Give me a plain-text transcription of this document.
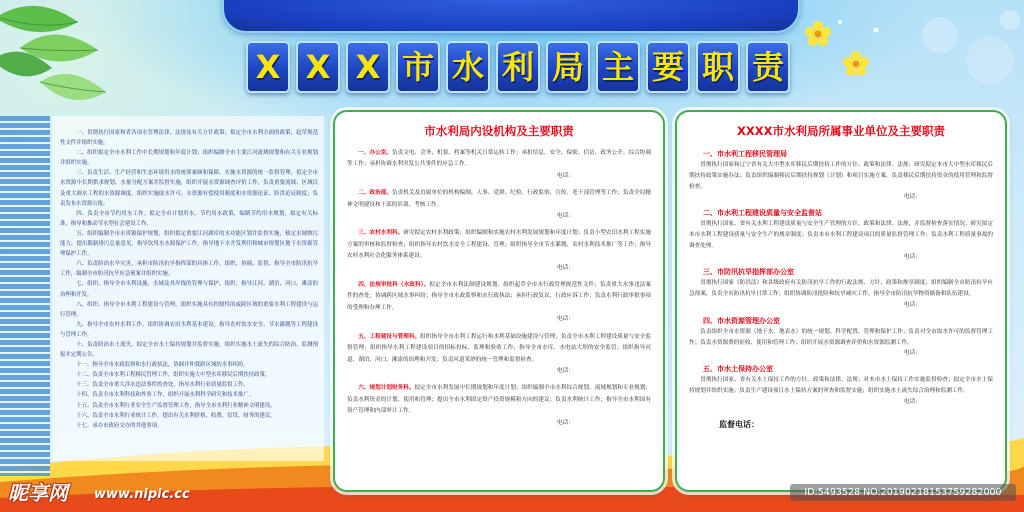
X X X 市 水 利 局 主 要 职 责

一、贯彻执行国家和省各项水管理法律、法规及有关方针政策；拟定全市水利方面的政策，起草规范性文件并组织实施。

二、组织拟定全市水利工作中长期规划和年度计划；组织编制全市主要江河流域规划和有关专业规划并组织实施。

三、负责生活、生产经营和生态环境用水的统筹兼顾和保障。实施水资源的统一监督管理，拟定全市水资源中长期供求规划、水量分配方案并监督实施，组织开展水资源调查评价工作，负责重要流域、区域以及重大调水工程的水资源调度。组织实施取水许可、水资源有偿使用制度和水资源论证、防洪论证制度；负责发布水资源公报。

四、负责全市节约用水工作。拟定全市计划用水、节约用水政策，编制节约用水规划，拟定有关标准，指导和推动节水型社会建设工作。

五、组织编制全市水资源保护规划，组织拟定重要江河湖库的水功能区划并监督实施，核定水域纳污能力，提出限制排污总量意见，指导饮用水水源保护工作，指导地下水开发利用和城市规划区地下水资源管理保护工作。

六、负责防治水旱灾害，承担市防汛抗旱指挥部的具体工作。组织、协调、监督、指导全市防汛抗旱工作，编制全市防汛抗旱应急预案并组织实施。

七、组织、指导全市水利设施、水域及其岸线的管理与保护，组织、指导江河、湖泊、河口、滩涂的治理和开发。

八、组织、指导全市水利工程建设与管理，组织实施具有控制性的或跨区域的重要水利工程建设与运行管理。

九、指导全市农村水利工作。组织协调农田水利基本建设，指导农村饮水安全、节水灌溉等工程建设与管理工作。

十、负责防治水土流失。拟定全市水土保持规划并监督实施，组织实施水土流失的综合防治、监测预报并定期公告。

十一、指导全市水政监察和水行政执法，协调并仲裁跨区域的水事纠纷。

十二、负责全市水利工程移民管理工作，组织实施大中型水库移民后期扶持政策。

十三、负责全市重大涉水违法事件的查处，指导水利行业质量监督工作。

十四、负责全市水利科技和外事工作，组织开展水利科学研究和技术推广。

十五、负责全市水利行业安全生产监督管理工作，指导全市水利行业精神文明建设。

十六、负责全市水利行业统计工作，提出有关水利价格、收费、信贷、财务的建议。

十七、承办市政府交办的其他事项。

市水利局内设机构及主要职责

一、办公室。负责文电、会务、机要、档案等机关日常运转工作；承担信息、安全、保密、信访、政务公开、综合协调等工作；承担协调水利突发公共事件的应急工作。

电话：

二、政治部。负责机关及直属单位的机构编制、人事、党群、纪检、行政监察、宣传、老干部管理等工作；负责全局精神文明建设和干部的培训、考核工作。

电话：

三、农村水利科。研究拟定农村水利政策；组织编制和实施农村水利发展规划和年度计划；负责小型农田水利工程实施方案的审核和监督检查；组织指导农村饮水安全工程建设、管理；组织指导全市节水灌溉、农村水利技术推广等工作；指导农村水利社会化服务体系建设。

电话：

四、法规审批科（水政科）。拟定全市水利法制建设规划；组织起草全市水行政管理规范性文件；负责重大水事违法案件的查处，协调跨区域水事纠纷；指导全市水政监察和水行政执法；承担行政复议、行政应诉工作；负责水利行政审批事项的受理和办理工作。

电话：

五、工程建设与管理科。组织指导全市水利工程运行和水利基础设施建设与管理；负责全市水利工程建设质量与安全监督管理；组织指导水利工程建设项目的招标投标、监理和验收工作；指导全市水库、水电站大坝的安全监管；组织指导河道、湖泊、河口、滩涂的治理和开发；负责河道采砂的统一管理和监督检查。

电话：

六、规划计划财务科。拟定全市水利发展中长期规划和年度计划；组织编制全市水利综合规划、流域规划和专业规划；负责水利资金的计划、使用和管理；提出全市水利固定资产投资规模和方向的建议；负责水利统计工作；指导全市水利国有资产管理和内部审计工作。

电话：
XXXX市水利局所属事业单位及主要职责
一、市水利工程移民管理局

贯彻执行国家和辽宁省有关大中型水库移民后期扶持工作的方针、政策和法律、法规；研究拟定本市大中型水库移民后期扶持政策实施办法；负责组织编制移民后期扶持规划（计划）和项目实施方案，负责移民后期扶持资金的使用管理和监督检查。

电话：
二、市水利工程建设质量与安全监督站

贯彻执行国家、省有关水利工程建设质量与安全生产管理的方针、政策和法律、法规，并监督检查落实情况；研究拟定本市水利工程建设质量与安全生产的规章制度；负责本市水利工程建设项目的质量监督管理工作；负责水利工程质量事故的调查处理。

电话：
三、市防汛抗旱指挥部办公室

贯彻执行国家《防洪法》和各级政府有关防汛抗旱工作的行政法规、方针、政策和规章制度；组织编制全市防汛抗旱应急预案，负责全市防汛抗旱日常工作；组织协调防汛抢险和抗旱减灾工作，指导全市防汛抗旱物资储备和队伍建设。

电话：
四、市水资源管理办公室

负责组织全市水资源（地下水、地表水）的统一规划、科学配置、管理和保护工作；负责对全市取水许可的监督管理工作；负责水资源费的征收、使用和管理工作；组织开展水资源调查评价和水资源监测工作。

电话：
五、市水土保持办公室

贯彻执行国家、省有关水土保持工作的方针、政策和法律、法规；对本市水土保持工作实施监督检查；拟定全市水土保持规划并组织实施；负责生产建设项目水土保持方案的审查和监督实施；组织实施水土流失综合治理和监测工作。

电话：
监督电话：
昵享网 www.nipic.cc	ID:5493528 NO:20190218153759282000
